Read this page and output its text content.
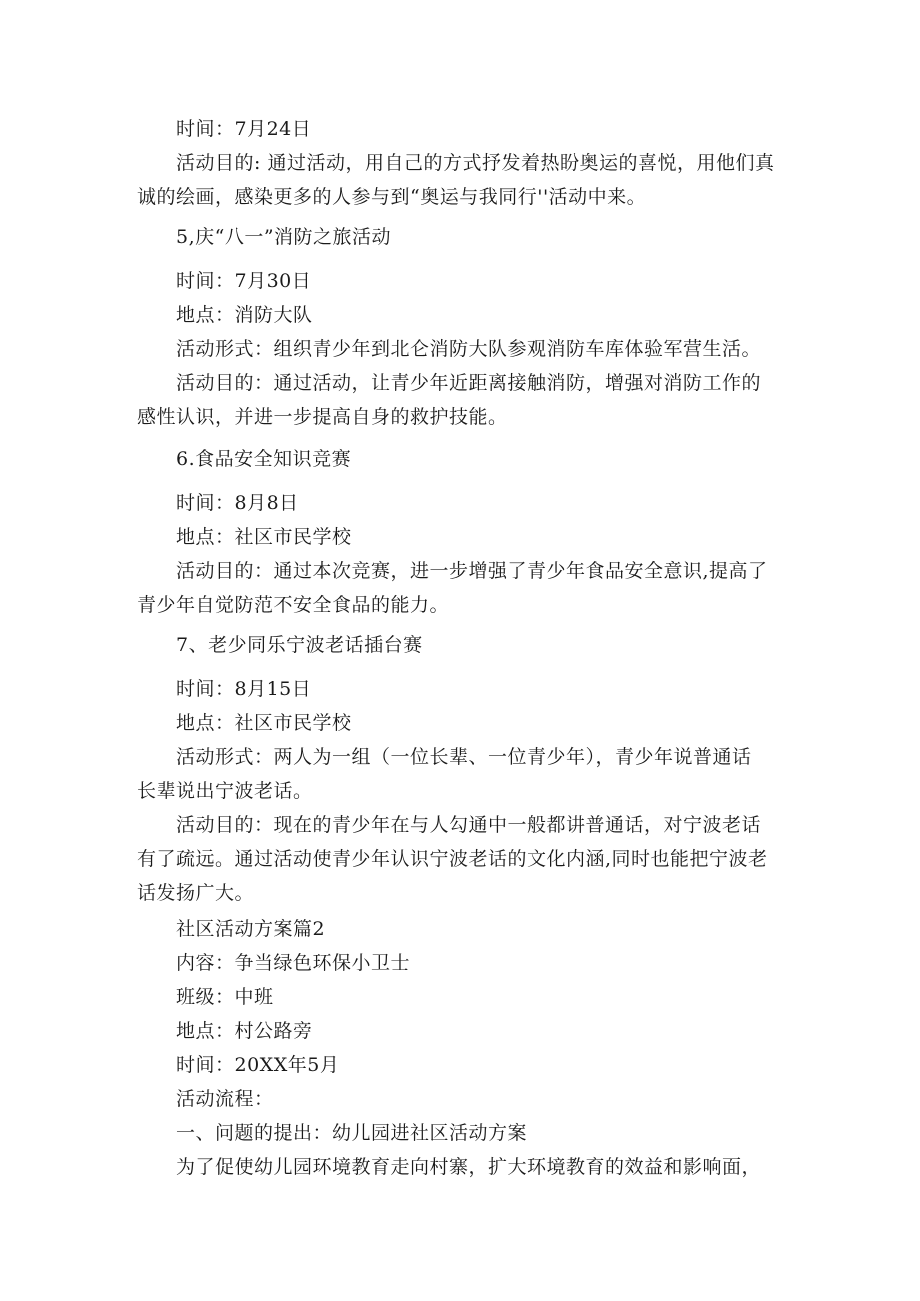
时间：7月24日
活动目的: 通过活动，用自己的方式抒发着热盼奥运的喜悦，用他们真
诚的绘画，感染更多的人参与到“奥运与我同行''活动中来。
5,庆“八一”消防之旅活动
时间：7月30日
地点：消防大队
活动形式：组织青少年到北仑消防大队参观消防车库体验军营生活。
活动目的：通过活动，让青少年近距离接触消防，增强对消防工作的
感性认识，并进一步提高自身的救护技能。
6.食品安全知识竞赛
时间：8月8日
地点：社区市民学校
活动目的：通过本次竞赛，进一步增强了青少年食品安全意识,提高了
青少年自觉防范不安全食品的能力。
7、老少同乐宁波老话插台赛
时间：8月15日
地点：社区市民学校
活动形式：两人为一组（一位长辈、一位青少年），青少年说普通话
长辈说出宁波老话。
活动目的：现在的青少年在与人勾通中一般都讲普通话，对宁波老话
有了疏远。通过活动使青少年认识宁波老话的文化内涵,同时也能把宁波老
话发扬广大。
社区活动方案篇2
内容：争当绿色环保小卫士
班级：中班
地点：村公路旁
时间：20XX年5月
活动流程：
一、问题的提出：幼儿园进社区活动方案
为了促使幼儿园环境教育走向村寨，扩大环境教育的效益和影响面，
